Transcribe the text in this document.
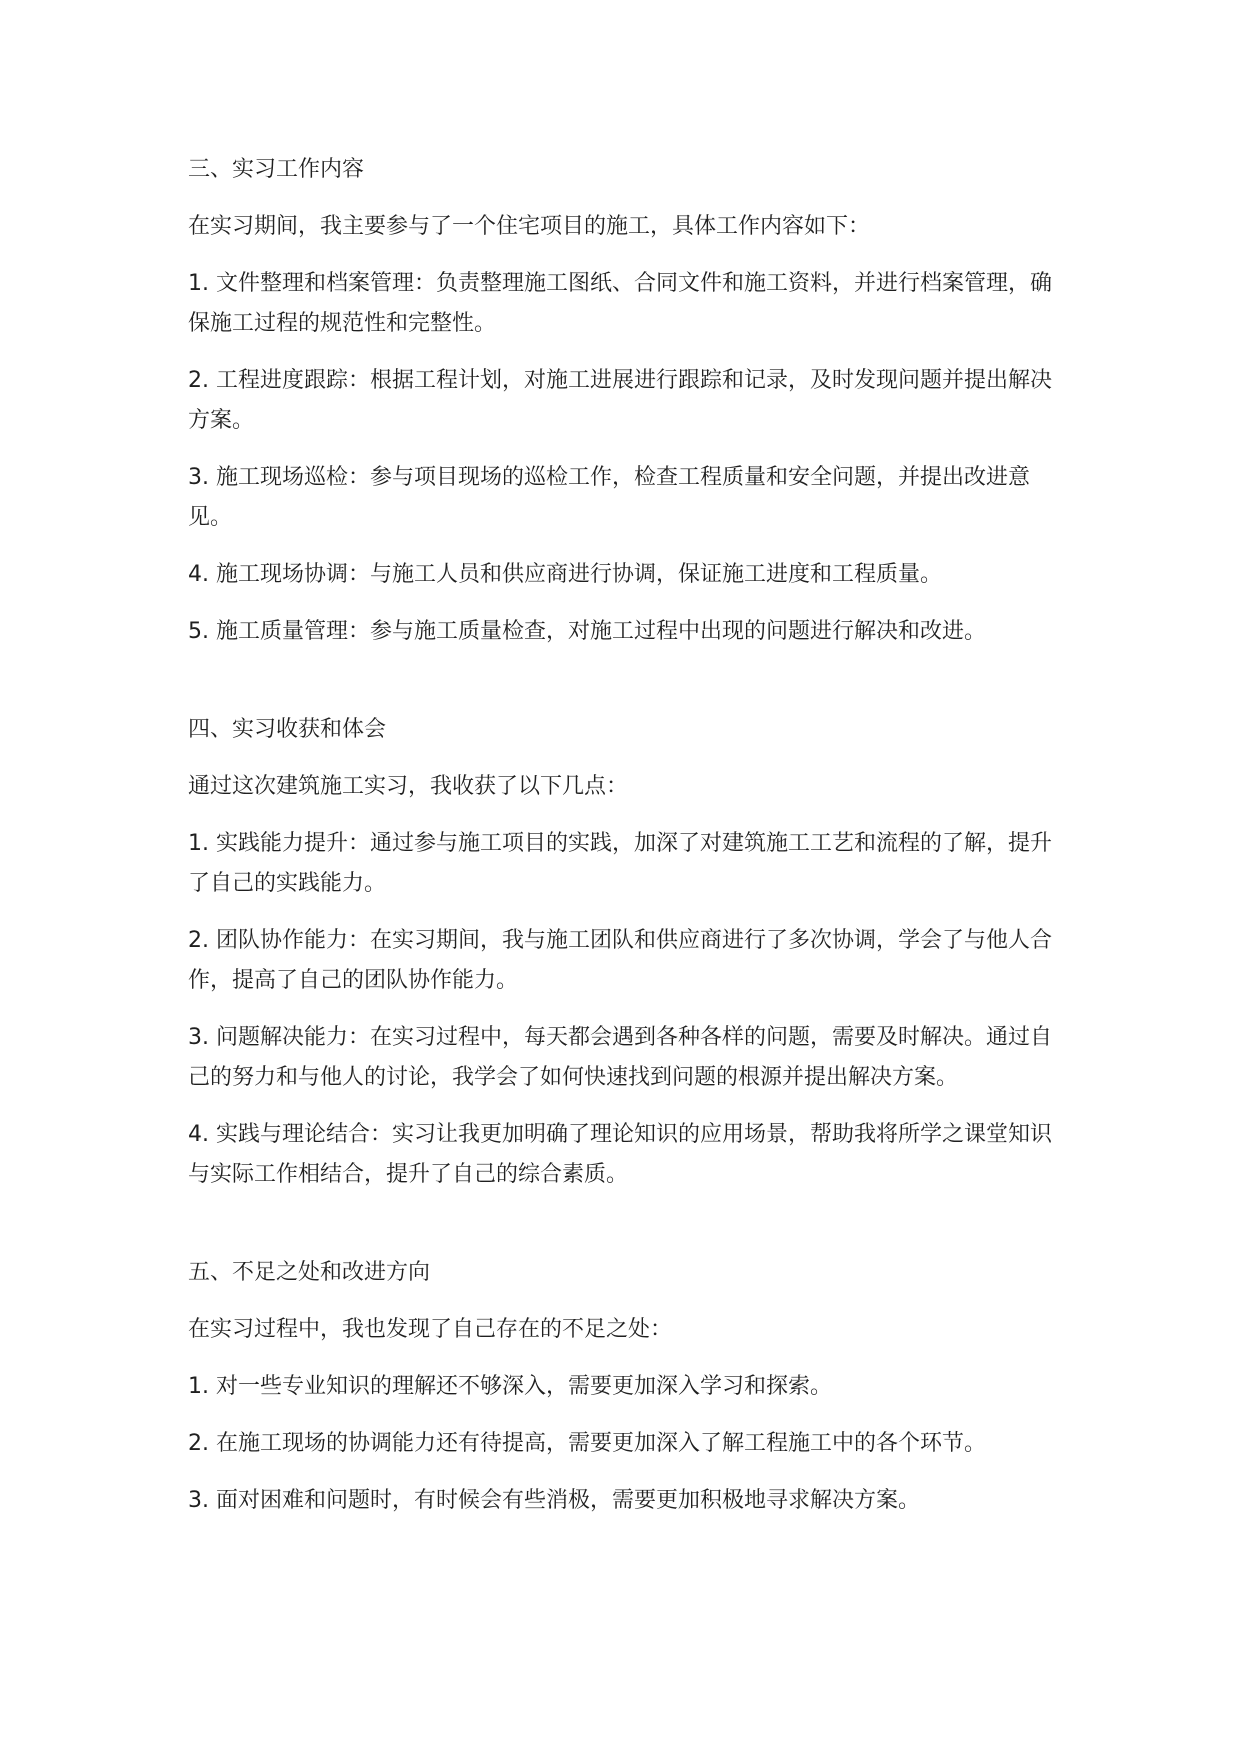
三、实习工作内容

在实习期间，我主要参与了一个住宅项目的施工，具体工作内容如下：

1. 文件整理和档案管理：负责整理施工图纸、合同文件和施工资料，并进行档案管理，确保施工过程的规范性和完整性。

2. 工程进度跟踪：根据工程计划，对施工进展进行跟踪和记录，及时发现问题并提出解决方案。

3. 施工现场巡检：参与项目现场的巡检工作，检查工程质量和安全问题，并提出改进意见。

4. 施工现场协调：与施工人员和供应商进行协调，保证施工进度和工程质量。

5. 施工质量管理：参与施工质量检查，对施工过程中出现的问题进行解决和改进。

四、实习收获和体会

通过这次建筑施工实习，我收获了以下几点：

1. 实践能力提升：通过参与施工项目的实践，加深了对建筑施工工艺和流程的了解，提升了自己的实践能力。

2. 团队协作能力：在实习期间，我与施工团队和供应商进行了多次协调，学会了与他人合作，提高了自己的团队协作能力。

3. 问题解决能力：在实习过程中，每天都会遇到各种各样的问题，需要及时解决。通过自己的努力和与他人的讨论，我学会了如何快速找到问题的根源并提出解决方案。

4. 实践与理论结合：实习让我更加明确了理论知识的应用场景，帮助我将所学之课堂知识与实际工作相结合，提升了自己的综合素质。

五、不足之处和改进方向

在实习过程中，我也发现了自己存在的不足之处：

1. 对一些专业知识的理解还不够深入，需要更加深入学习和探索。

2. 在施工现场的协调能力还有待提高，需要更加深入了解工程施工中的各个环节。

3. 面对困难和问题时，有时候会有些消极，需要更加积极地寻求解决方案。
